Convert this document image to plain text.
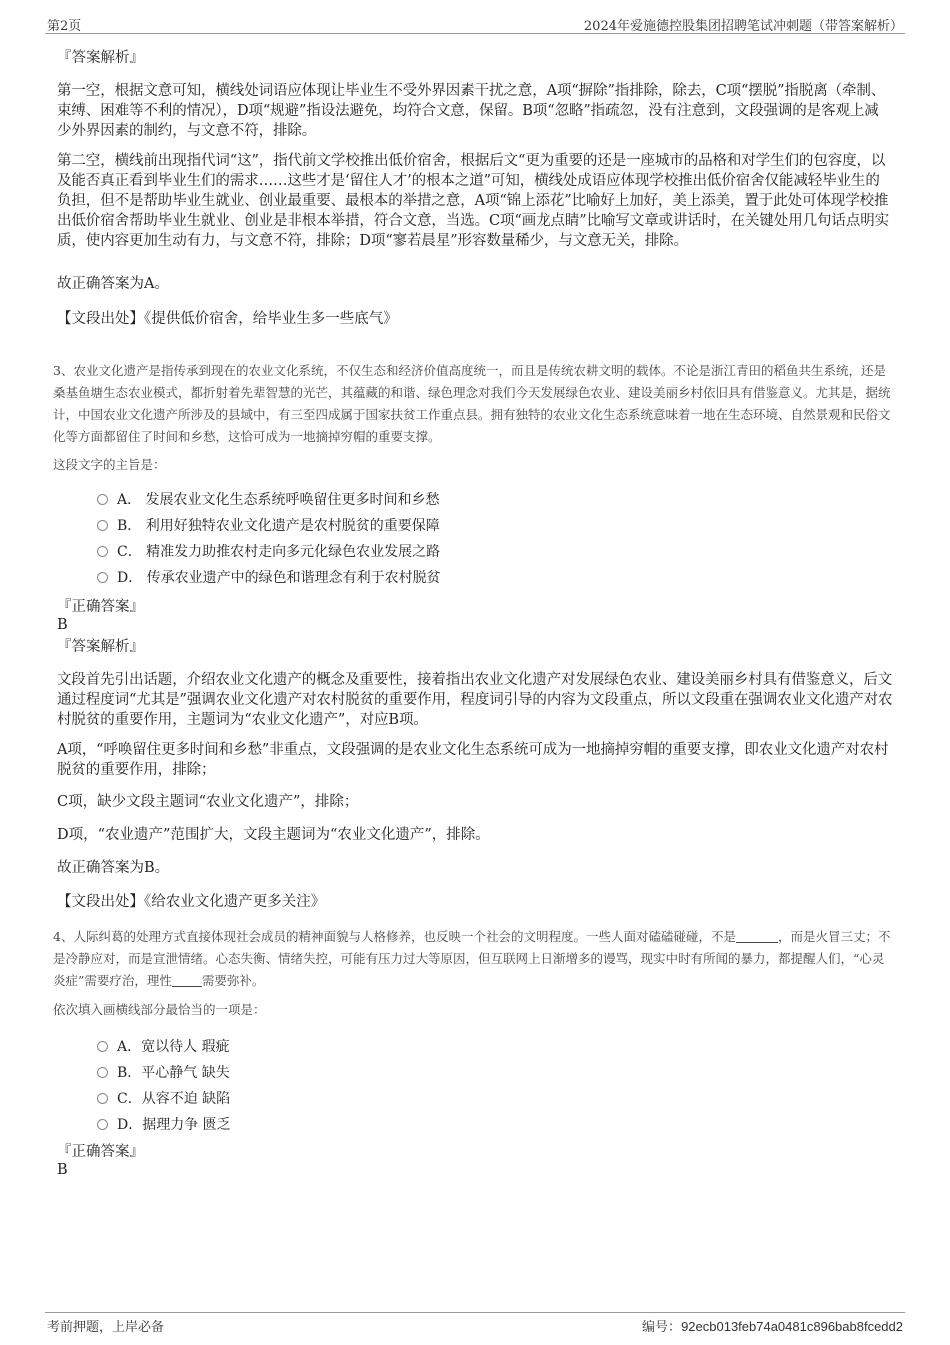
第2页	2024年爱施德控股集团招聘笔试冲刺题（带答案解析）
『答案解析』
第一空，根据文意可知，横线处词语应体现让毕业生不受外界因素干扰之意，A项“摒除”指排除，除去，C项“摆脱”指脱离（牵制、束缚、困难等不利的情况），D项“规避”指设法避免，均符合文意，保留。B项“忽略”指疏忽，没有注意到，文段强调的是客观上减少外界因素的制约，与文意不符，排除。
第二空，横线前出现指代词“这”，指代前文学校推出低价宿舍，根据后文“更为重要的还是一座城市的品格和对学生们的包容度，以及能否真正看到毕业生们的需求……这些才是‘留住人才’的根本之道”可知，横线处成语应体现学校推出低价宿舍仅能减轻毕业生的负担，但不是帮助毕业生就业、创业最重要、最根本的举措之意，A项“锦上添花”比喻好上加好，美上添美，置于此处可体现学校推出低价宿舍帮助毕业生就业、创业是非根本举措，符合文意，当选。C项“画龙点睛”比喻写文章或讲话时，在关键处用几句话点明实质，使内容更加生动有力，与文意不符，排除；D项“寥若晨星”形容数量稀少，与文意无关，排除。
故正确答案为A。
【文段出处】《提供低价宿舍，给毕业生多一些底气》
3、农业文化遗产是指传承到现在的农业文化系统，不仅生态和经济价值高度统一，而且是传统农耕文明的载体。不论是浙江青田的稻鱼共生系统，还是桑基鱼塘生态农业模式，都折射着先辈智慧的光芒，其蕴藏的和谐、绿色理念对我们今天发展绿色农业、建设美丽乡村依旧具有借鉴意义。尤其是，据统计，中国农业文化遗产所涉及的县域中，有三至四成属于国家扶贫工作重点县。拥有独特的农业文化生态系统意味着一地在生态环境、自然景观和民俗文化等方面都留住了时间和乡愁，这恰可成为一地摘掉穷帽的重要支撑。
这段文字的主旨是：
A． 发展农业文化生态系统呼唤留住更多时间和乡愁
B． 利用好独特农业文化遗产是农村脱贫的重要保障
C． 精准发力助推农村走向多元化绿色农业发展之路
D． 传承农业遗产中的绿色和谐理念有利于农村脱贫
『正确答案』
B
『答案解析』
文段首先引出话题，介绍农业文化遗产的概念及重要性，接着指出农业文化遗产对发展绿色农业、建设美丽乡村具有借鉴意义，后文通过程度词“尤其是”强调农业文化遗产对农村脱贫的重要作用，程度词引导的内容为文段重点，所以文段重在强调农业文化遗产对农村脱贫的重要作用，主题词为“农业文化遗产”，对应B项。
A项，“呼唤留住更多时间和乡愁”非重点，文段强调的是农业文化生态系统可成为一地摘掉穷帽的重要支撑，即农业文化遗产对农村脱贫的重要作用，排除；
C项，缺少文段主题词“农业文化遗产”，排除；
D项，“农业遗产”范围扩大，文段主题词为“农业文化遗产”，排除。
故正确答案为B。
【文段出处】《给农业文化遗产更多关注》
4、人际纠葛的处理方式直接体现社会成员的精神面貌与人格修养，也反映一个社会的文明程度。一些人面对磕磕碰碰，不是	，而是火冒三丈；不是冷静应对，而是宣泄情绪。心态失衡、情绪失控，可能有压力过大等原因，但互联网上日渐增多的谩骂，现实中时有所闻的暴力，都提醒人们，“心灵炎症”需要疗治，理性 需要弥补。
依次填入画横线部分最恰当的一项是：
A．宽以待人 瑕疵
B．平心静气 缺失
C．从容不迫 缺陷
D．据理力争 匮乏
『正确答案』
B
考前押题，上岸必备	编号：92ecb013feb74a0481c896bab8fcedd2
